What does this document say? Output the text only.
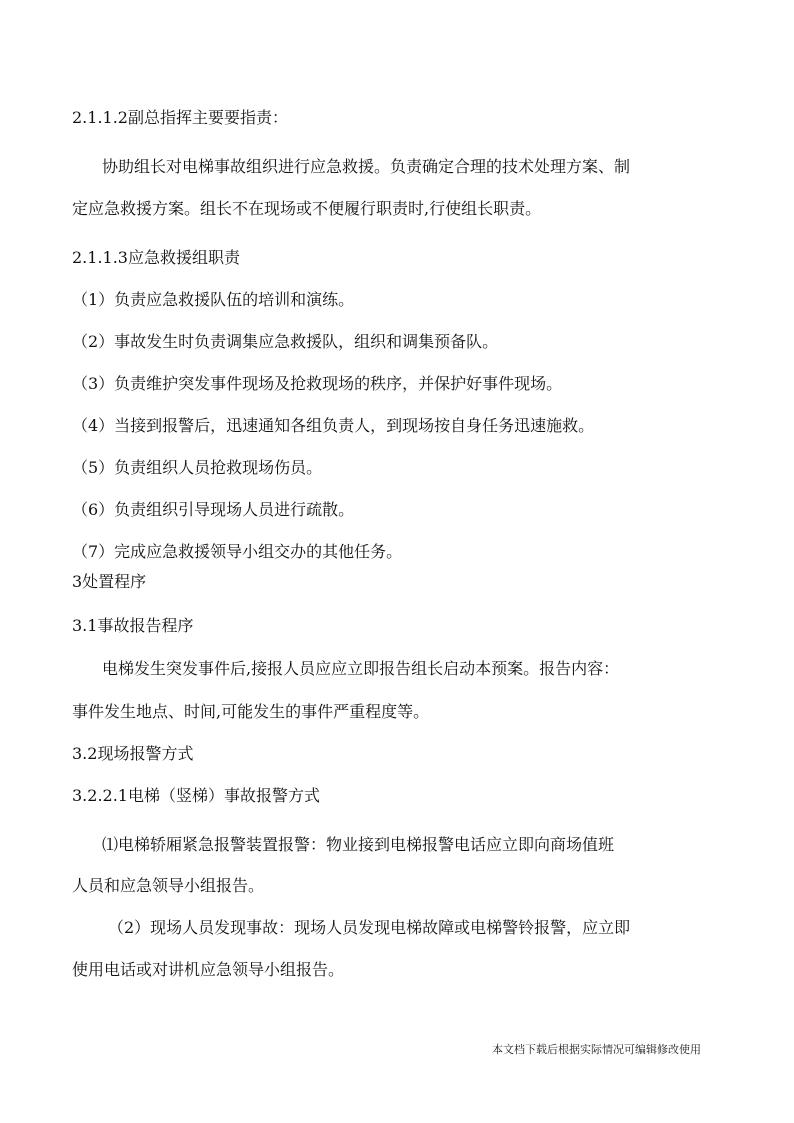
2.1.1.2副总指挥主要要指责：
协助组长对电梯事故组织进行应急救援。负责确定合理的技术处理方案、制
定应急救援方案。组长不在现场或不便履行职责时,行使组长职责。
2.1.1.3应急救援组职责
（1）负责应急救援队伍的培训和演练。
（2）事故发生时负责调集应急救援队，组织和调集预备队。
（3）负责维护突发事件现场及抢救现场的秩序，并保护好事件现场。
（4）当接到报警后，迅速通知各组负责人，到现场按自身任务迅速施救。
（5）负责组织人员抢救现场伤员。
（6）负责组织引导现场人员进行疏散。
（7）完成应急救援领导小组交办的其他任务。
3处置程序
3.1事故报告程序
电梯发生突发事件后,接报人员应应立即报告组长启动本预案。报告内容：
事件发生地点、时间,可能发生的事件严重程度等。
3.2现场报警方式
3.2.2.1电梯（竖梯）事故报警方式
⑴电梯轿厢紧急报警装置报警：物业接到电梯报警电话应立即向商场值班
人员和应急领导小组报告。
（2）现场人员发现事故：现场人员发现电梯故障或电梯警铃报警，应立即
使用电话或对讲机应急领导小组报告。
本文档下载后根据实际情况可编辑修改使用
